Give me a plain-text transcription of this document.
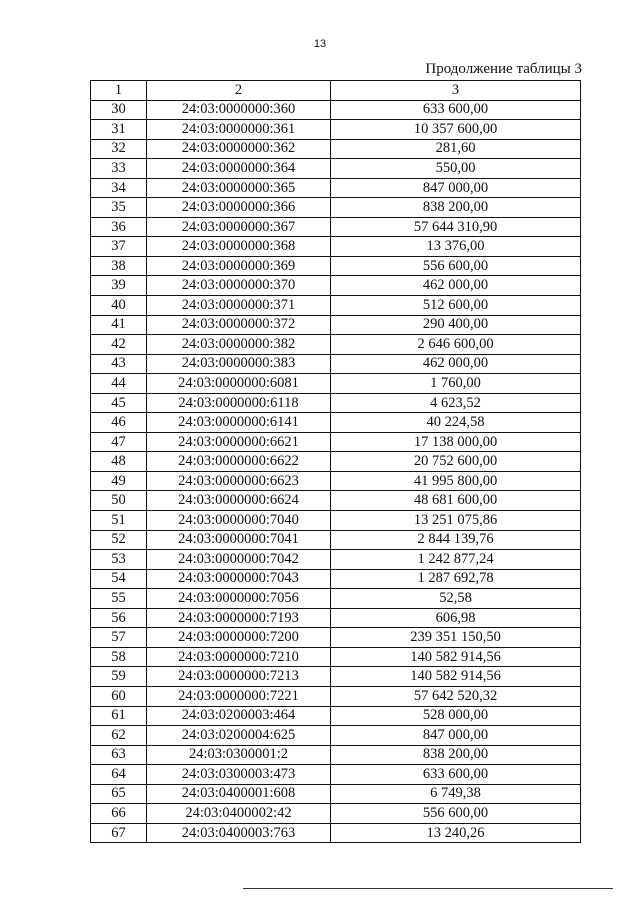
13
Продолжение таблицы 3
1	2	3
30	24:03:0000000:360	633 600,00
31	24:03:0000000:361	10 357 600,00
32	24:03:0000000:362	281,60
33	24:03:0000000:364	550,00
34	24:03:0000000:365	847 000,00
35	24:03:0000000:366	838 200,00
36	24:03:0000000:367	57 644 310,90
37	24:03:0000000:368	13 376,00
38	24:03:0000000:369	556 600,00
39	24:03:0000000:370	462 000,00
40	24:03:0000000:371	512 600,00
41	24:03:0000000:372	290 400,00
42	24:03:0000000:382	2 646 600,00
43	24:03:0000000:383	462 000,00
44	24:03:0000000:6081	1 760,00
45	24:03:0000000:6118	4 623,52
46	24:03:0000000:6141	40 224,58
47	24:03:0000000:6621	17 138 000,00
48	24:03:0000000:6622	20 752 600,00
49	24:03:0000000:6623	41 995 800,00
50	24:03:0000000:6624	48 681 600,00
51	24:03:0000000:7040	13 251 075,86
52	24:03:0000000:7041	2 844 139,76
53	24:03:0000000:7042	1 242 877,24
54	24:03:0000000:7043	1 287 692,78
55	24:03:0000000:7056	52,58
56	24:03:0000000:7193	606,98
57	24:03:0000000:7200	239 351 150,50
58	24:03:0000000:7210	140 582 914,56
59	24:03:0000000:7213	140 582 914,56
60	24:03:0000000:7221	57 642 520,32
61	24:03:0200003:464	528 000,00
62	24:03:0200004:625	847 000,00
63	24:03:0300001:2	838 200,00
64	24:03:0300003:473	633 600,00
65	24:03:0400001:608	6 749,38
66	24:03:0400002:42	556 600,00
67	24:03:0400003:763	13 240,26
